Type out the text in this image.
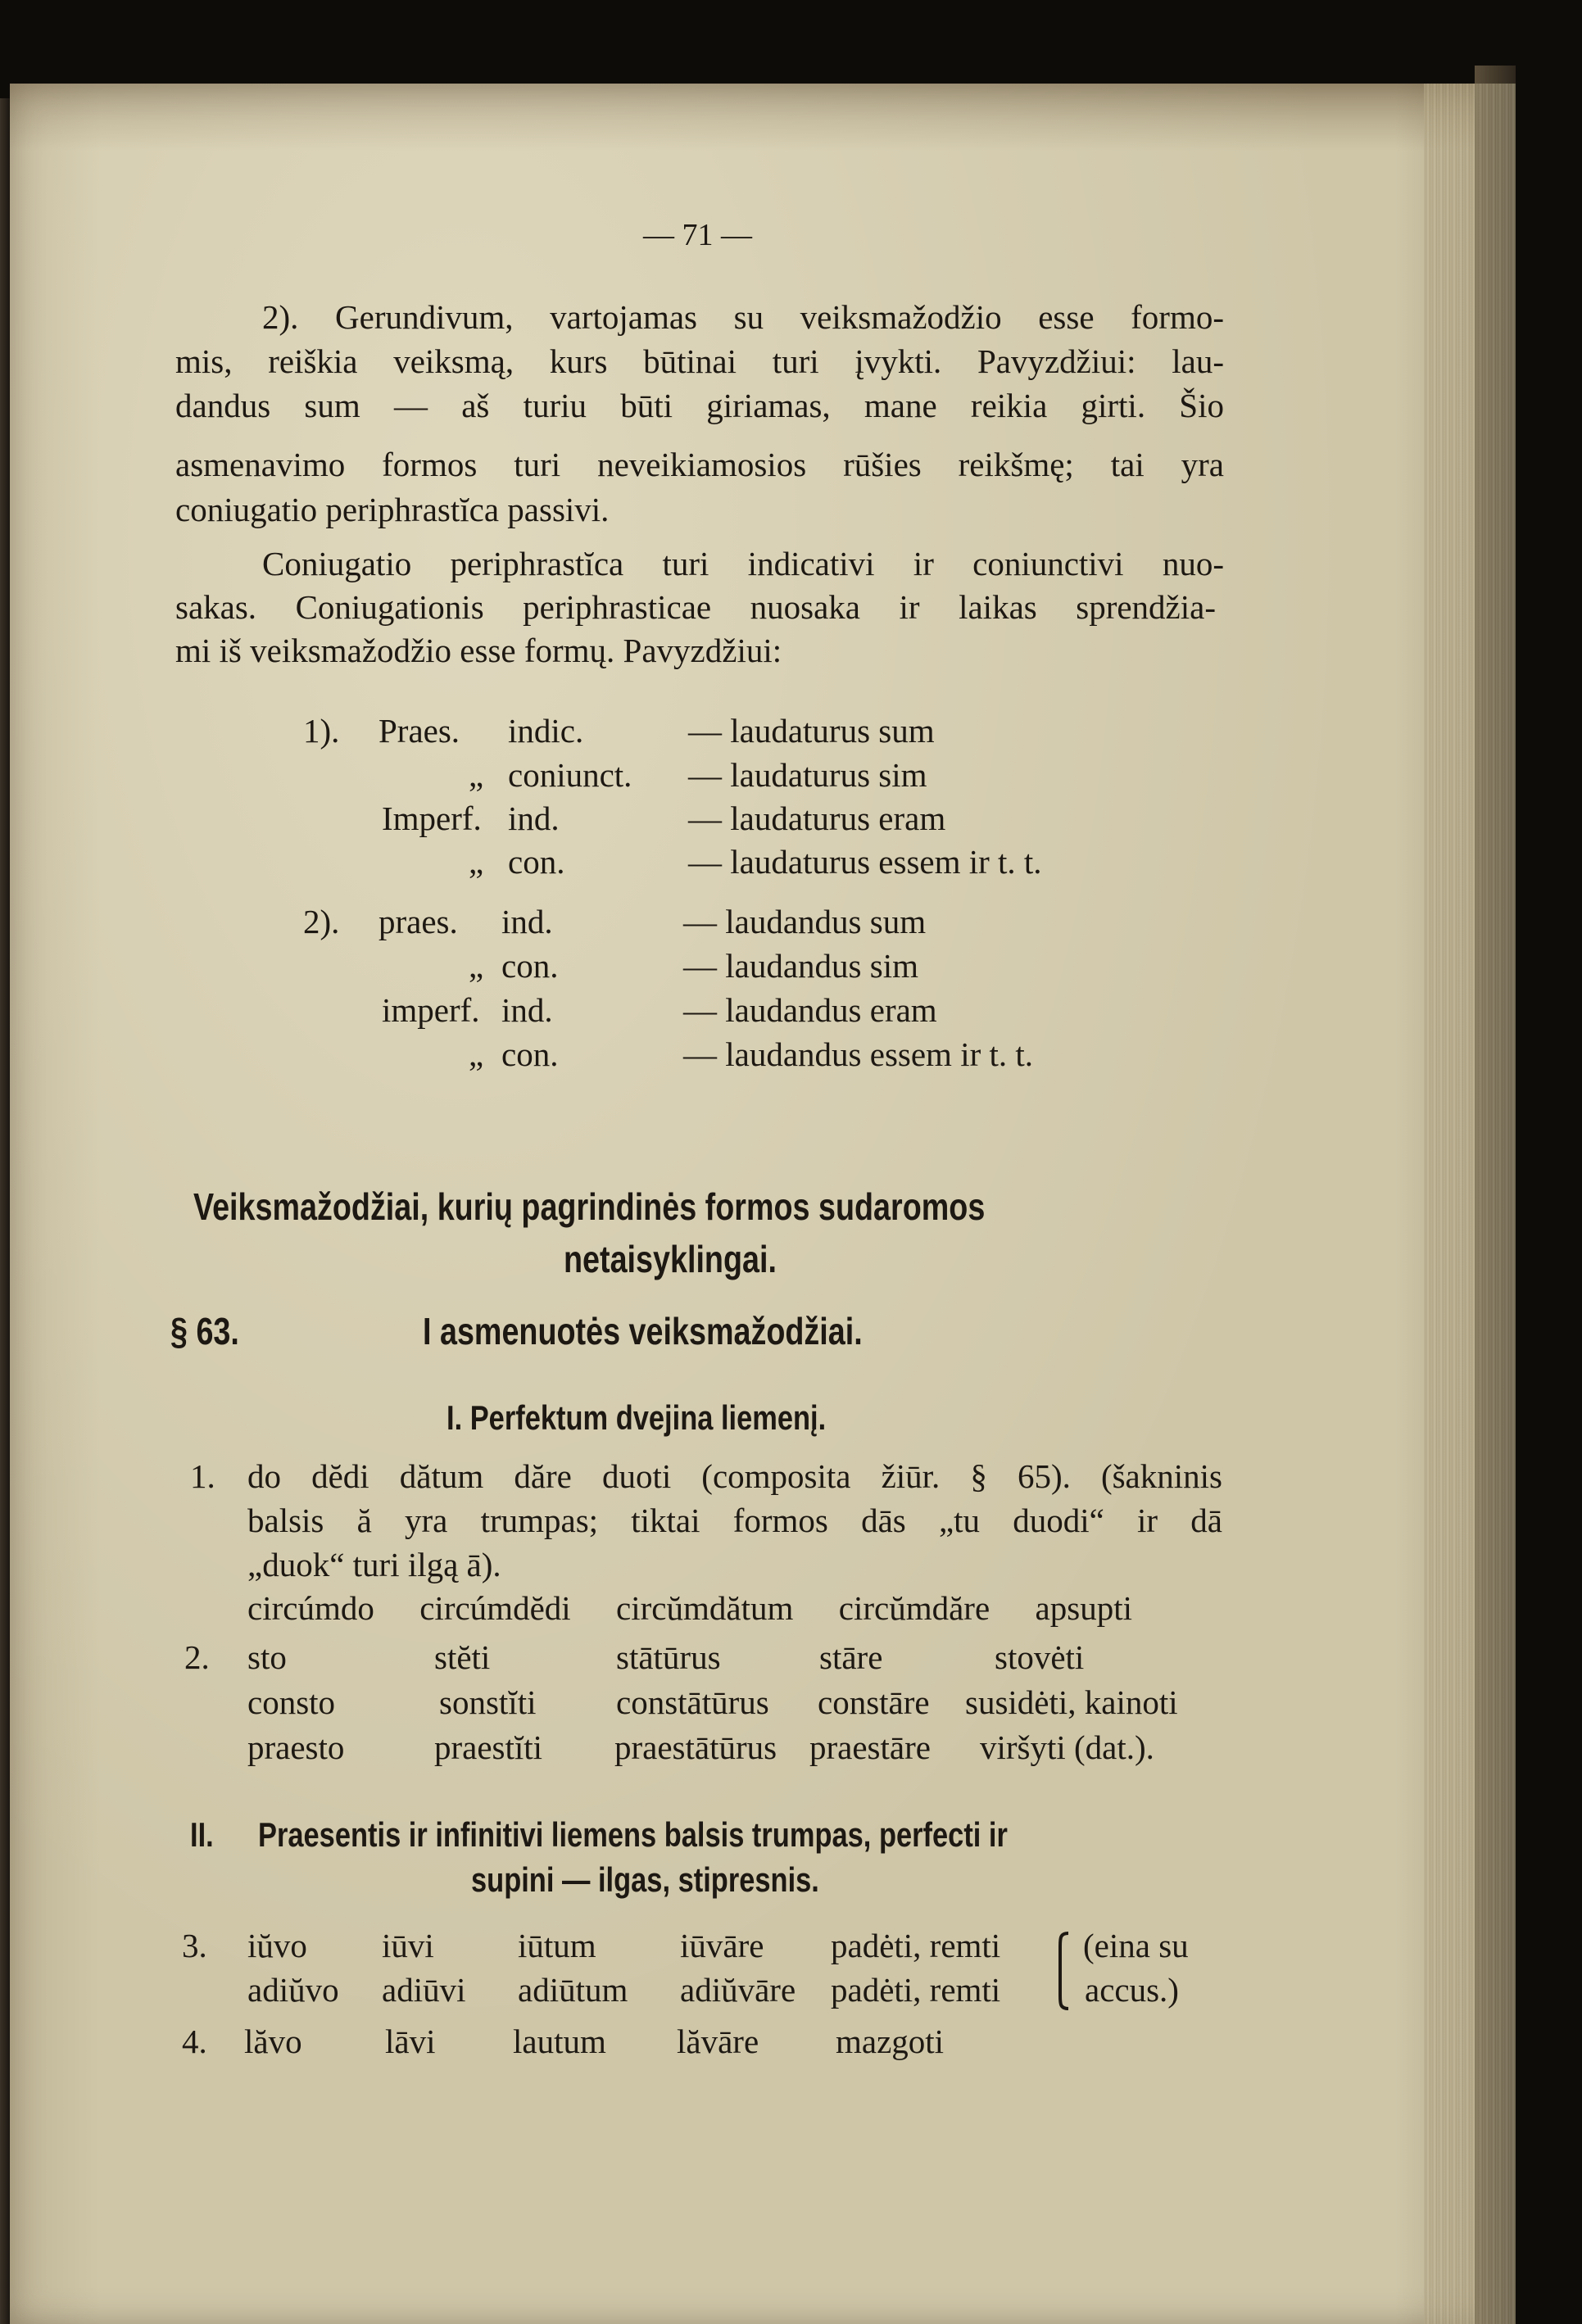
— 71 —
2). Gerundivum, vartojamas su veiksmažodžio esse formo-
mis, reiškia veiksmą, kurs būtinai turi įvykti. Pavyzdžiui: lau-
dandus sum — aš turiu būti giriamas, mane reikia girti. Šio
asmenavimo formos turi neveikiamosios rūšies reikšmę; tai yra
coniugatio periphrastĭca passivi.
Coniugatio periphrastĭca turi indicativi ir coniunctivi nuo-
sakas. Coniugationis periphrasticae nuosaka ir laikas sprendžia-
mi iš veiksmažodžio esse formų. Pavyzdžiui:
1). Praes. indic.	— laudaturus sum
„ coniunct. — laudaturus sim
Imperf. ind.	— laudaturus eram
„ con.	— laudaturus essem ir t. t.
2). praes. ind.	— laudandus sum
„ con.	— laudandus sim
imperf. ind.	— laudandus eram
„ con.	— laudandus essem ir t. t.
Veiksmažodžiai, kurių pagrindinės formos sudaromos
netaisyklingai.
§ 63.	I asmenuotės veiksmažodžiai.
I. Perfektum dvejina liemenį.
1. do dĕdi dătum dăre duoti (composita žiūr. § 65). (šakninis
balsis ă yra trumpas; tiktai formos dās „tu duodi“ ir dā
„duok“ turi ilgą ā).
circúmdo circúmdĕdi circŭmdătum circŭmdăre apsupti
2. sto	stĕti	stātūrus	stāre	stovėti
consto	sonstĭti constātūrus constāre susidėti, kainoti
praesto	praestĭti praestātūrus praestāre viršyti (dat.).
II. Praesentis ir infinitivi liemens balsis trumpas, perfecti ir
supini — ilgas, stipresnis.
3. iŭvo iūvi iūtum iūvāre padėti, remti
adiŭvo adiūvi adiūtum adiŭvāre padėti, remti
(eina su
accus.)
4. lăvo lāvi lautum lăvāre mazgoti
